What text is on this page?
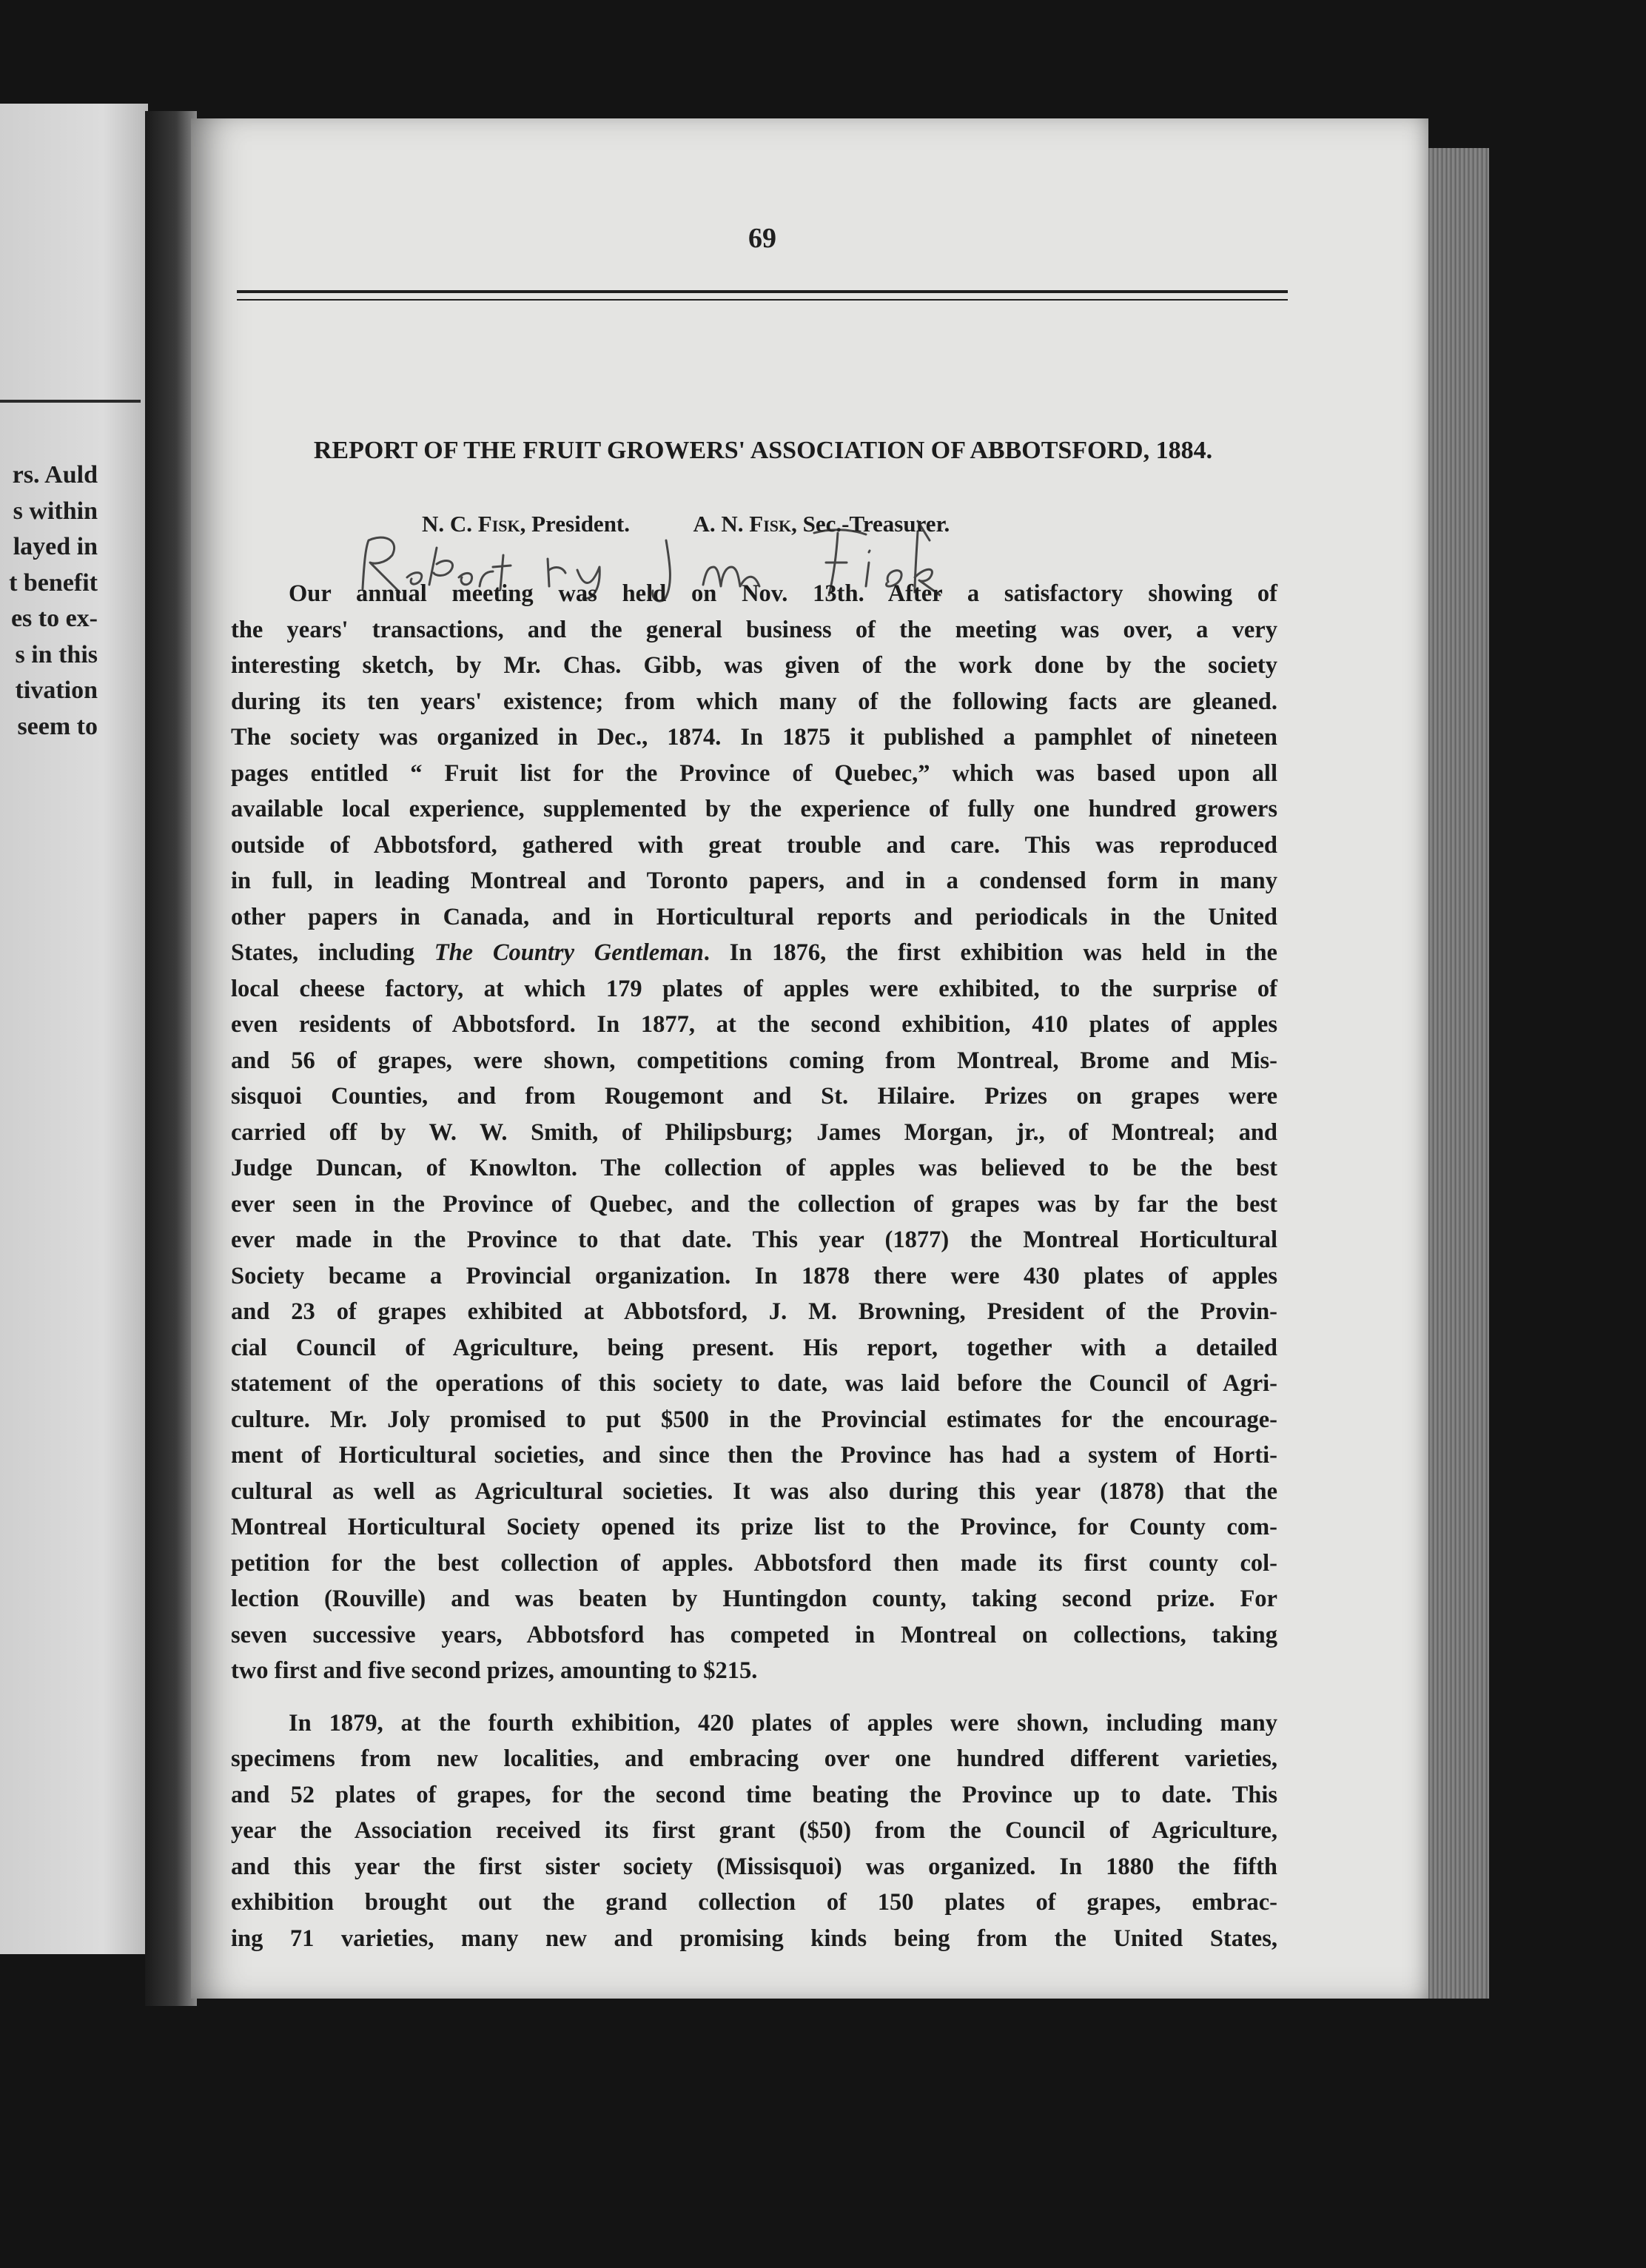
rs. Auld
s within
layed in
t benefit
es to ex-
s in this
tivation
seem to
69
REPORT OF THE FRUIT GROWERS' ASSOCIATION OF ABBOTSFORD, 1884.
N. C. Fisk, President.	A. N. Fisk, Sec.-Treasurer.
Our annual meeting was held on Nov. 13th. After a satisfactory showing of
the years' transactions, and the general business of the meeting was over, a very
interesting sketch, by Mr. Chas. Gibb, was given of the work done by the society
during its ten years' existence; from which many of the following facts are gleaned.
The society was organized in Dec., 1874. In 1875 it published a pamphlet of nineteen
pages entitled “ Fruit list for the Province of Quebec,” which was based upon all
available local experience, supplemented by the experience of fully one hundred growers
outside of Abbotsford, gathered with great trouble and care. This was reproduced
in full, in leading Montreal and Toronto papers, and in a condensed form in many
other papers in Canada, and in Horticultural reports and periodicals in the United
States, including The Country Gentleman. In 1876, the first exhibition was held in the
local cheese factory, at which 179 plates of apples were exhibited, to the surprise of
even residents of Abbotsford. In 1877, at the second exhibition, 410 plates of apples
and 56 of grapes, were shown, competitions coming from Montreal, Brome and Mis-
sisquoi Counties, and from Rougemont and St. Hilaire. Prizes on grapes were
carried off by W. W. Smith, of Philipsburg; James Morgan, jr., of Montreal; and
Judge Duncan, of Knowlton. The collection of apples was believed to be the best
ever seen in the Province of Quebec, and the collection of grapes was by far the best
ever made in the Province to that date. This year (1877) the Montreal Horticultural
Society became a Provincial organization. In 1878 there were 430 plates of apples
and 23 of grapes exhibited at Abbotsford, J. M. Browning, President of the Provin-
cial Council of Agriculture, being present. His report, together with a detailed
statement of the operations of this society to date, was laid before the Council of Agri-
culture. Mr. Joly promised to put $500 in the Provincial estimates for the encourage-
ment of Horticultural societies, and since then the Province has had a system of Horti-
cultural as well as Agricultural societies. It was also during this year (1878) that the
Montreal Horticultural Society opened its prize list to the Province, for County com-
petition for the best collection of apples. Abbotsford then made its first county col-
lection (Rouville) and was beaten by Huntingdon county, taking second prize. For
seven successive years, Abbotsford has competed in Montreal on collections, taking
two first and five second prizes, amounting to $215.
In 1879, at the fourth exhibition, 420 plates of apples were shown, including many
specimens from new localities, and embracing over one hundred different varieties,
and 52 plates of grapes, for the second time beating the Province up to date. This
year the Association received its first grant ($50) from the Council of Agriculture,
and this year the first sister society (Missisquoi) was organized. In 1880 the fifth
exhibition brought out the grand collection of 150 plates of grapes, embrac-
ing 71 varieties, many new and promising kinds being from the United States,
